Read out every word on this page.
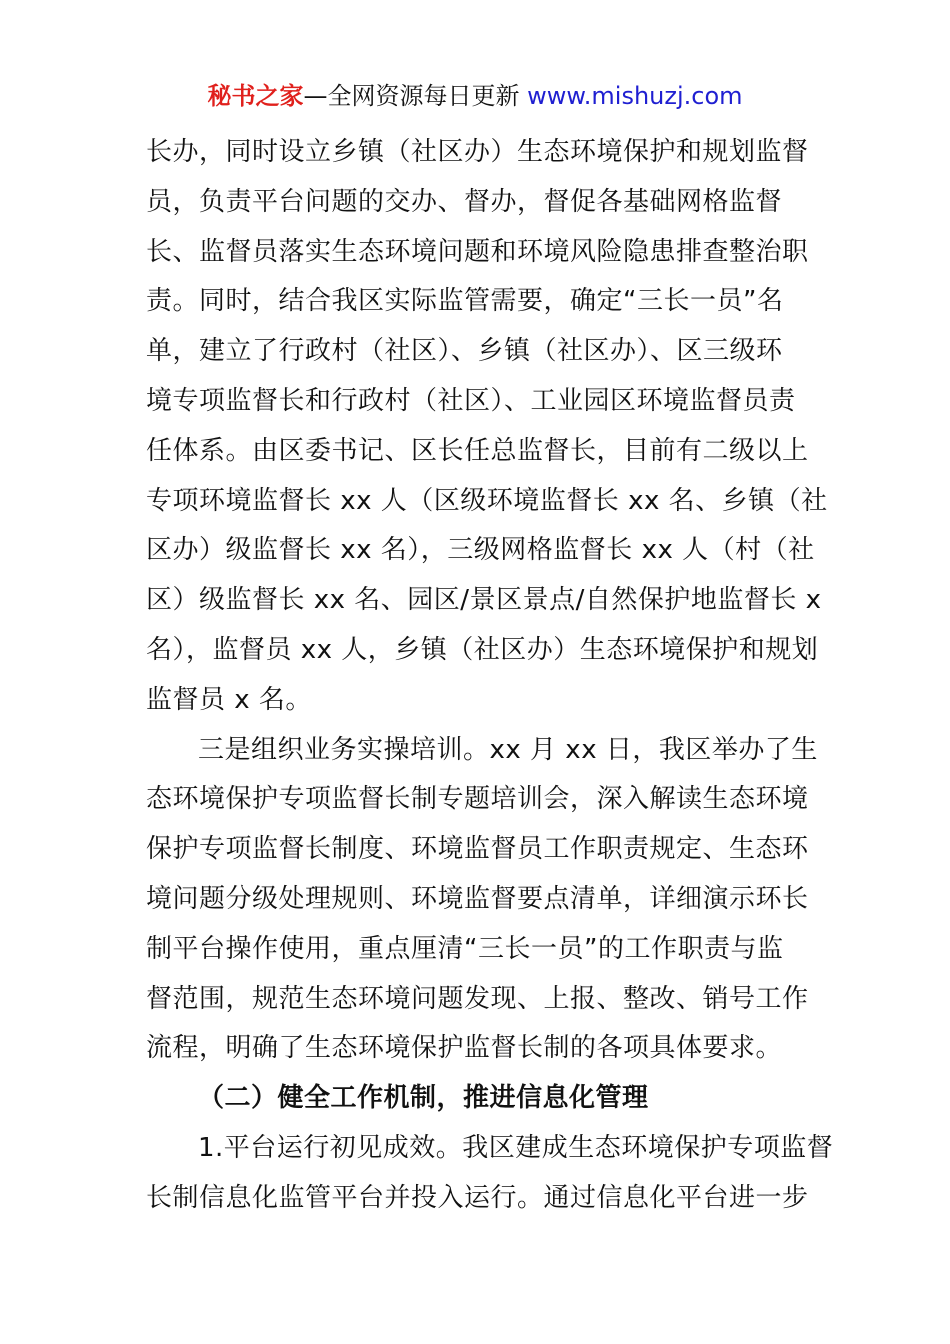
秘书之家—全网资源每日更新 www.mishuzj.com
长办，同时设立乡镇（社区办）生态环境保护和规划监督
员，负责平台问题的交办、督办，督促各基础网格监督
长、监督员落实生态环境问题和环境风险隐患排查整治职
责。同时，结合我区实际监管需要，确定“三长一员”名
单，建立了行政村（社区）、乡镇（社区办）、区三级环
境专项监督长和行政村（社区）、工业园区环境监督员责
任体系。由区委书记、区长任总监督长，目前有二级以上
专项环境监督长 xx 人（区级环境监督长 xx 名、乡镇（社
区办）级监督长 xx 名），三级网格监督长 xx 人（村（社
区）级监督长 xx 名、园区/景区景点/自然保护地监督长 x
名），监督员 xx 人，乡镇（社区办）生态环境保护和规划
监督员 x 名。
三是组织业务实操培训。xx 月 xx 日，我区举办了生
态环境保护专项监督长制专题培训会，深入解读生态环境
保护专项监督长制度、环境监督员工作职责规定、生态环
境问题分级处理规则、环境监督要点清单，详细演示环长
制平台操作使用，重点厘清“三长一员”的工作职责与监
督范围，规范生态环境问题发现、上报、整改、销号工作
流程，明确了生态环境保护监督长制的各项具体要求。
（二）健全工作机制，推进信息化管理
1.平台运行初见成效。我区建成生态环境保护专项监督
长制信息化监管平台并投入运行。通过信息化平台进一步
